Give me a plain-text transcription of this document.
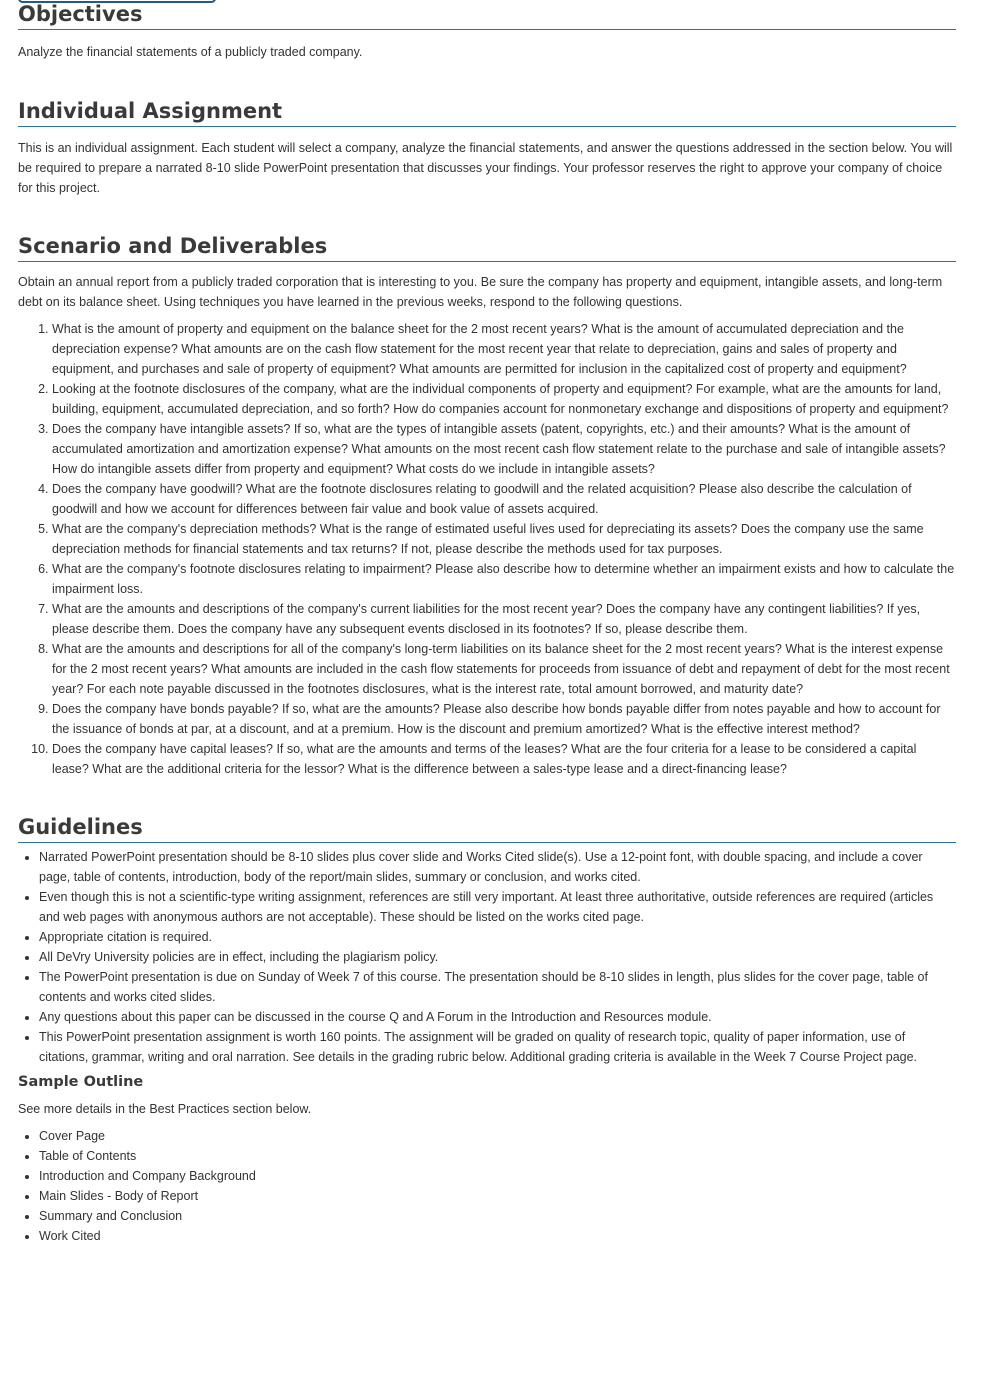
Objectives

Analyze the financial statements of a publicly traded company.

Individual Assignment

This is an individual assignment. Each student will select a company, analyze the financial statements, and answer the questions addressed in the section below. You will be required to prepare a narrated 8-10 slide PowerPoint presentation that discusses your findings. Your professor reserves the right to approve your company of choice for this project.

Scenario and Deliverables

Obtain an annual report from a publicly traded corporation that is interesting to you. Be sure the company has property and equipment, intangible assets, and long-term debt on its balance sheet. Using techniques you have learned in the previous weeks, respond to the following questions.

1. What is the amount of property and equipment on the balance sheet for the 2 most recent years? What is the amount of accumulated depreciation and the depreciation expense? What amounts are on the cash flow statement for the most recent year that relate to depreciation, gains and sales of property and equipment, and purchases and sale of property of equipment? What amounts are permitted for inclusion in the capitalized cost of property and equipment?
2. Looking at the footnote disclosures of the company, what are the individual components of property and equipment? For example, what are the amounts for land, building, equipment, accumulated depreciation, and so forth? How do companies account for nonmonetary exchange and dispositions of property and equipment?
3. Does the company have intangible assets? If so, what are the types of intangible assets (patent, copyrights, etc.) and their amounts? What is the amount of accumulated amortization and amortization expense? What amounts on the most recent cash flow statement relate to the purchase and sale of intangible assets? How do intangible assets differ from property and equipment? What costs do we include in intangible assets?
4. Does the company have goodwill? What are the footnote disclosures relating to goodwill and the related acquisition? Please also describe the calculation of goodwill and how we account for differences between fair value and book value of assets acquired.
5. What are the company's depreciation methods? What is the range of estimated useful lives used for depreciating its assets? Does the company use the same depreciation methods for financial statements and tax returns? If not, please describe the methods used for tax purposes.
6. What are the company's footnote disclosures relating to impairment? Please also describe how to determine whether an impairment exists and how to calculate the impairment loss.
7. What are the amounts and descriptions of the company's current liabilities for the most recent year? Does the company have any contingent liabilities? If yes, please describe them. Does the company have any subsequent events disclosed in its footnotes? If so, please describe them.
8. What are the amounts and descriptions for all of the company's long-term liabilities on its balance sheet for the 2 most recent years? What is the interest expense for the 2 most recent years? What amounts are included in the cash flow statements for proceeds from issuance of debt and repayment of debt for the most recent year? For each note payable discussed in the footnotes disclosures, what is the interest rate, total amount borrowed, and maturity date?
9. Does the company have bonds payable? If so, what are the amounts? Please also describe how bonds payable differ from notes payable and how to account for the issuance of bonds at par, at a discount, and at a premium. How is the discount and premium amortized? What is the effective interest method?
10. Does the company have capital leases? If so, what are the amounts and terms of the leases? What are the four criteria for a lease to be considered a capital lease? What are the additional criteria for the lessor? What is the difference between a sales-type lease and a direct-financing lease?
Guidelines
• Narrated PowerPoint presentation should be 8-10 slides plus cover slide and Works Cited slide(s). Use a 12-point font, with double spacing, and include a cover page, table of contents, introduction, body of the report/main slides, summary or conclusion, and works cited.
• Even though this is not a scientific-type writing assignment, references are still very important. At least three authoritative, outside references are required (articles and web pages with anonymous authors are not acceptable). These should be listed on the works cited page.
• Appropriate citation is required.
• All DeVry University policies are in effect, including the plagiarism policy.
• The PowerPoint presentation is due on Sunday of Week 7 of this course. The presentation should be 8-10 slides in length, plus slides for the cover page, table of contents and works cited slides.
• Any questions about this paper can be discussed in the course Q and A Forum in the Introduction and Resources module.
• This PowerPoint presentation assignment is worth 160 points. The assignment will be graded on quality of research topic, quality of paper information, use of citations, grammar, writing and oral narration. See details in the grading rubric below. Additional grading criteria is available in the Week 7 Course Project page.
Sample Outline

See more details in the Best Practices section below.

• Cover Page
• Table of Contents
• Introduction and Company Background
• Main Slides - Body of Report
• Summary and Conclusion
• Work Cited
